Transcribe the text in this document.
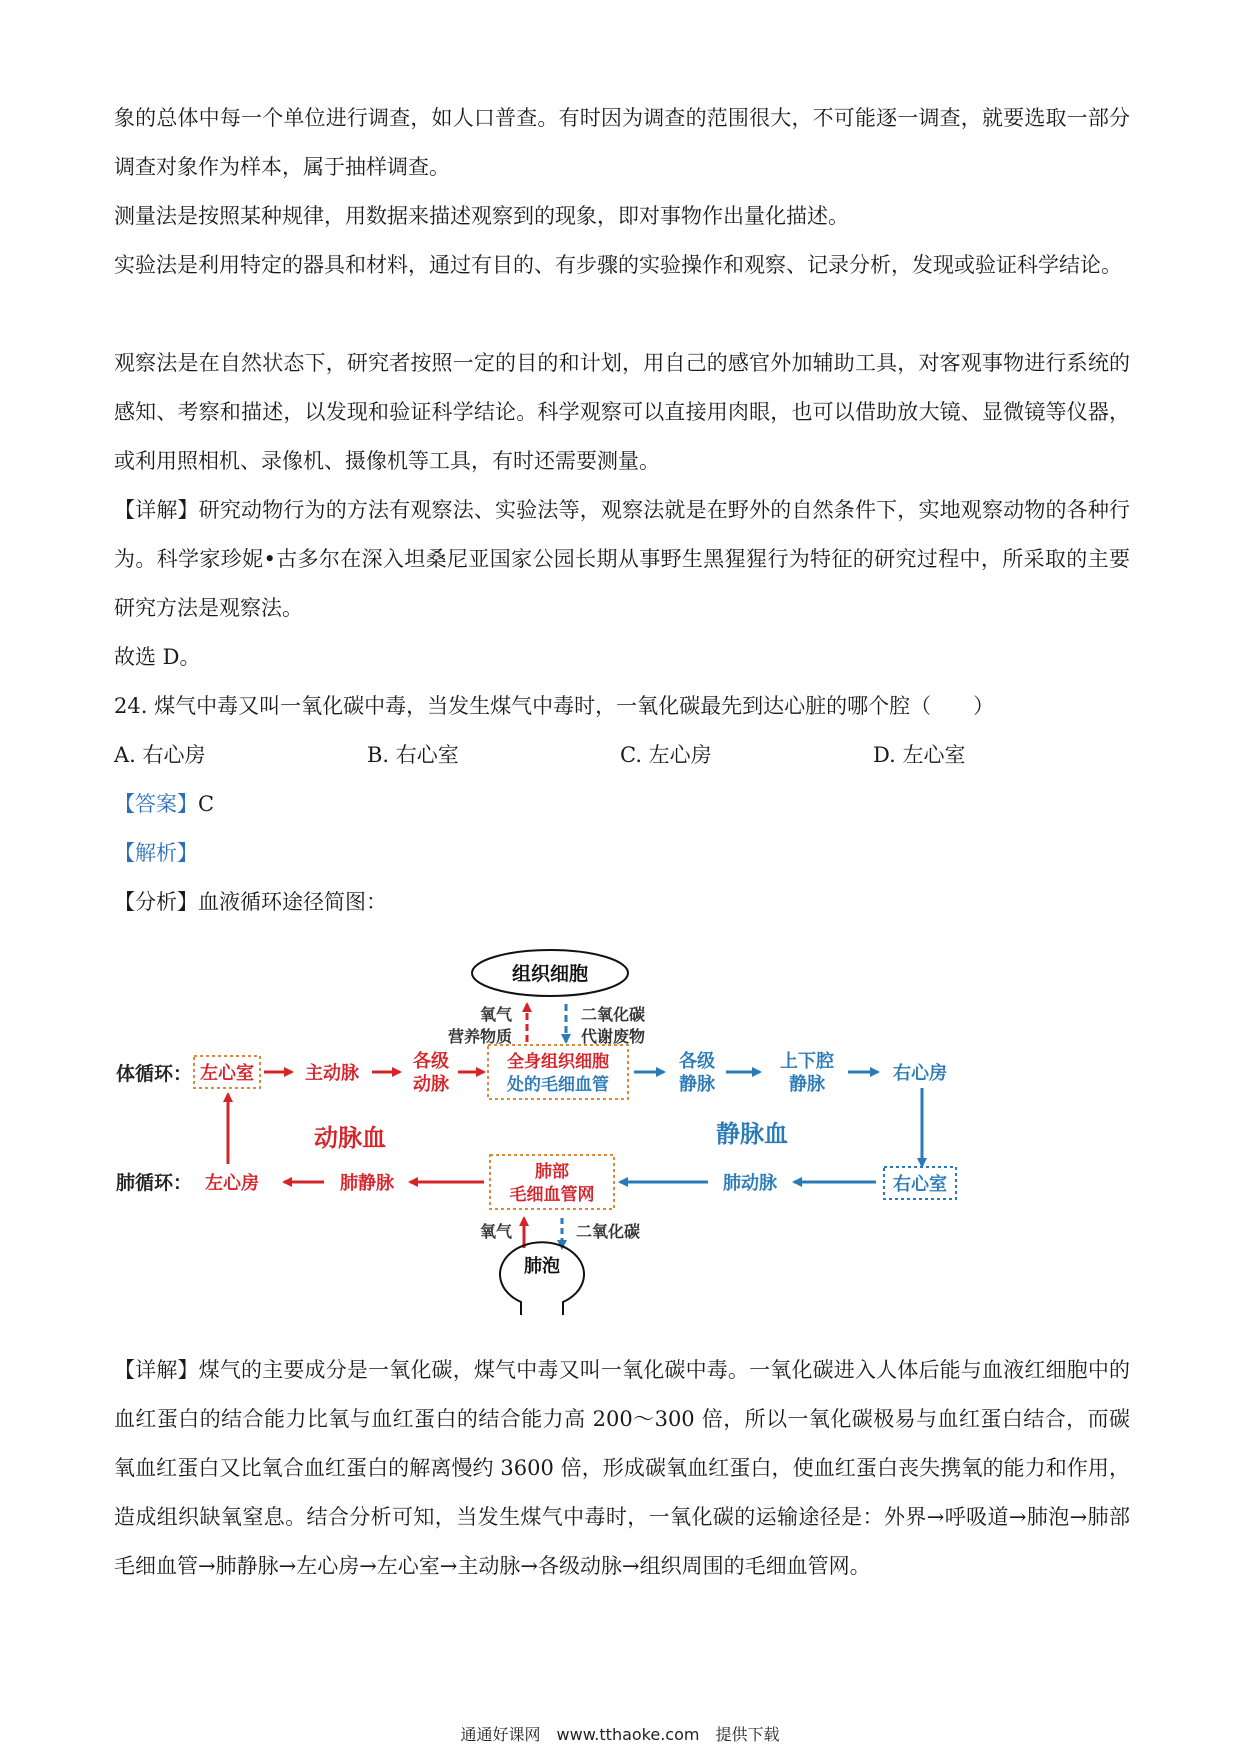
象的总体中每一个单位进行调查，如人口普查。有时因为调查的范围很大，不可能逐一调查，就要选取一部分调查对象作为样本，属于抽样调查。

测量法是按照某种规律，用数据来描述观察到的现象，即对事物作出量化描述。

实验法是利用特定的器具和材料，通过有目的、有步骤的实验操作和观察、记录分析，发现或验证科学结论。

观察法是在自然状态下，研究者按照一定的目的和计划，用自己的感官外加辅助工具，对客观事物进行系统的感知、考察和描述，以发现和验证科学结论。科学观察可以直接用肉眼，也可以借助放大镜、显微镜等仪器，或利用照相机、录像机、摄像机等工具，有时还需要测量。

【详解】研究动物行为的方法有观察法、实验法等，观察法就是在野外的自然条件下，实地观察动物的各种行为。科学家珍妮•古多尔在深入坦桑尼亚国家公园长期从事野生黑猩猩行为特征的研究过程中，所采取的主要研究方法是观察法。

故选 D。

24. 煤气中毒又叫一氧化碳中毒，当发生煤气中毒时，一氧化碳最先到达心脏的哪个腔（　　）

A. 右心房	B. 右心室	C. 左心房	D. 左心室

【答案】C

【解析】

【分析】血液循环途径简图：

组织细胞
氧气
营养物质
二氧化碳
代谢废物
体循环： 左心室	主动脉
各级
动脉
全身组织细胞
处的毛细血管
各级
静脉
上下腔
静脉
右心房
动脉血	静脉血
肺循环： 左心房	肺静脉
肺部
毛细血管网
肺动脉	右心室
氧气	二氧化碳
肺泡

【详解】煤气的主要成分是一氧化碳，煤气中毒又叫一氧化碳中毒。一氧化碳进入人体后能与血液红细胞中的血红蛋白的结合能力比氧与血红蛋白的结合能力高 200～300 倍，所以一氧化碳极易与血红蛋白结合，而碳氧血红蛋白又比氧合血红蛋白的解离慢约 3600 倍，形成碳氧血红蛋白，使血红蛋白丧失携氧的能力和作用，造成组织缺氧窒息。结合分析可知，当发生煤气中毒时，一氧化碳的运输途径是：外界→呼吸道→肺泡→肺部毛细血管→肺静脉→左心房→左心室→主动脉→各级动脉→组织周围的毛细血管网。

通通好课网　www.tthaoke.com　提供下载
